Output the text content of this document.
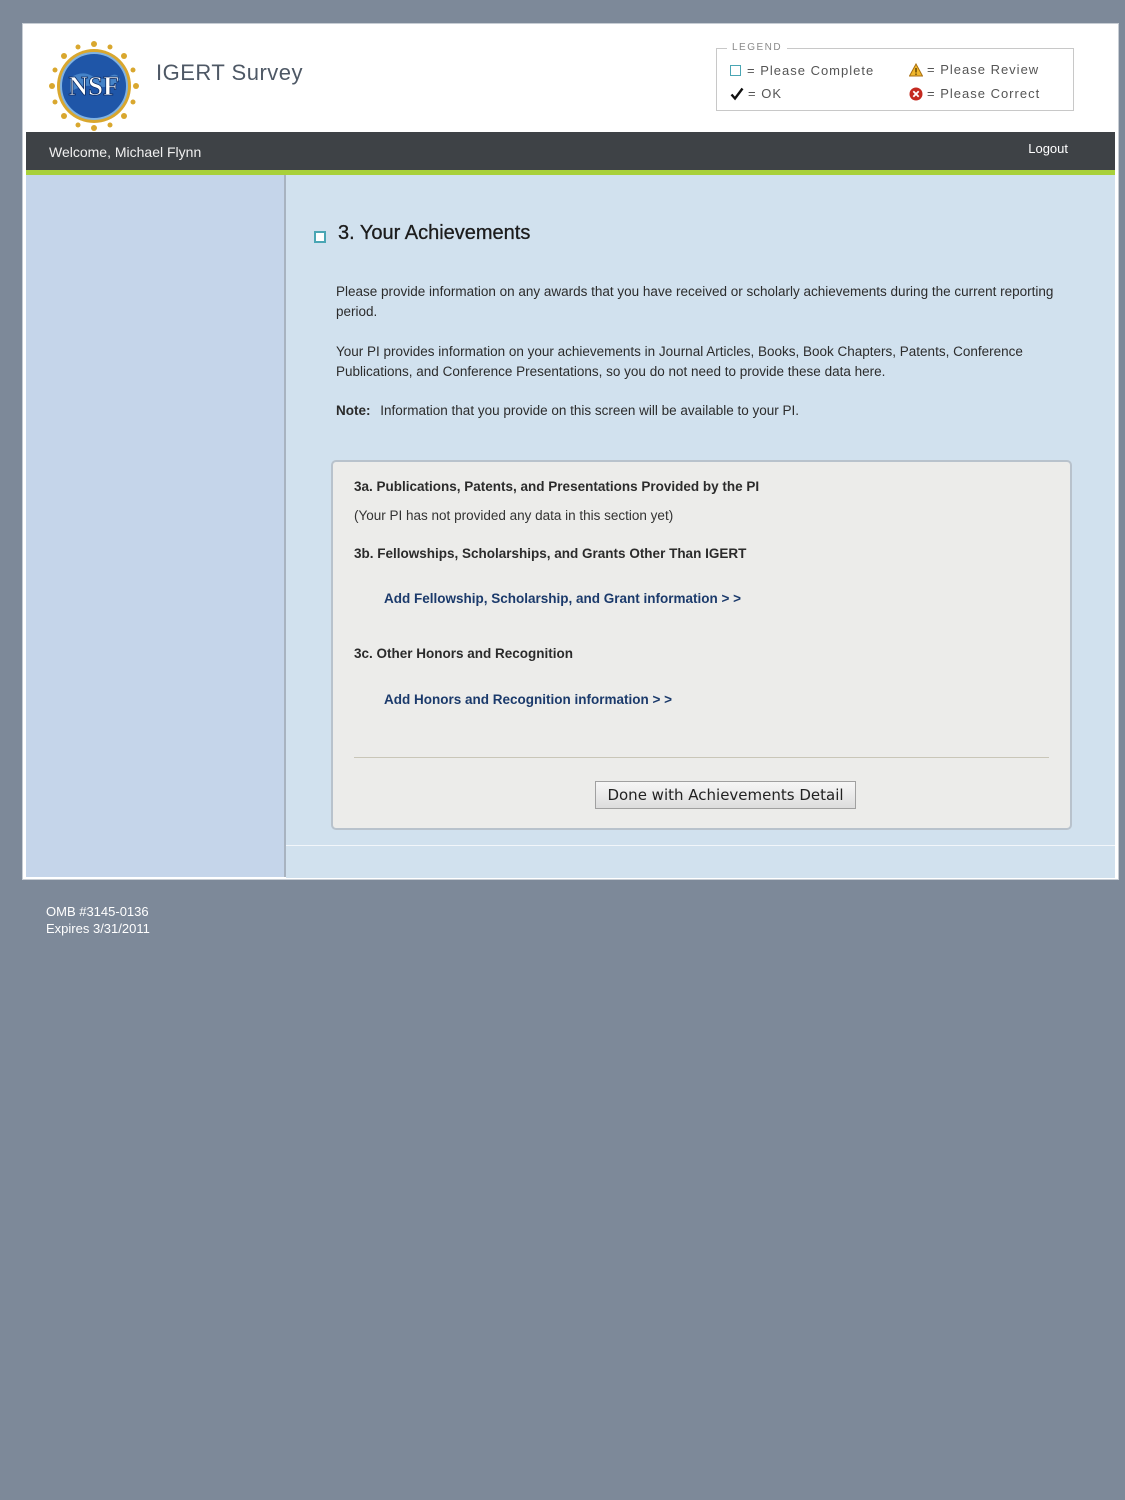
NSF IGERT Survey
LEGEND
= Please Complete	= Please Review
= OK	= Please Correct
Welcome, Michael Flynn	Logout
3. Your Achievements

Please provide information on any awards that you have received or scholarly achievements during the current reporting period.

Your PI provides information on your achievements in Journal Articles, Books, Book Chapters, Patents, Conference Publications, and Conference Presentations, so you do not need to provide these data here.

Note: Information that you provide on this screen will be available to your PI.

3a. Publications, Patents, and Presentations Provided by the PI
(Your PI has not provided any data in this section yet)
3b. Fellowships, Scholarships, and Grants Other Than IGERT
Add Fellowship, Scholarship, and Grant information > >
3c. Other Honors and Recognition
Add Honors and Recognition information > >
Done with Achievements Detail
OMB #3145-0136
Expires 3/31/2011
